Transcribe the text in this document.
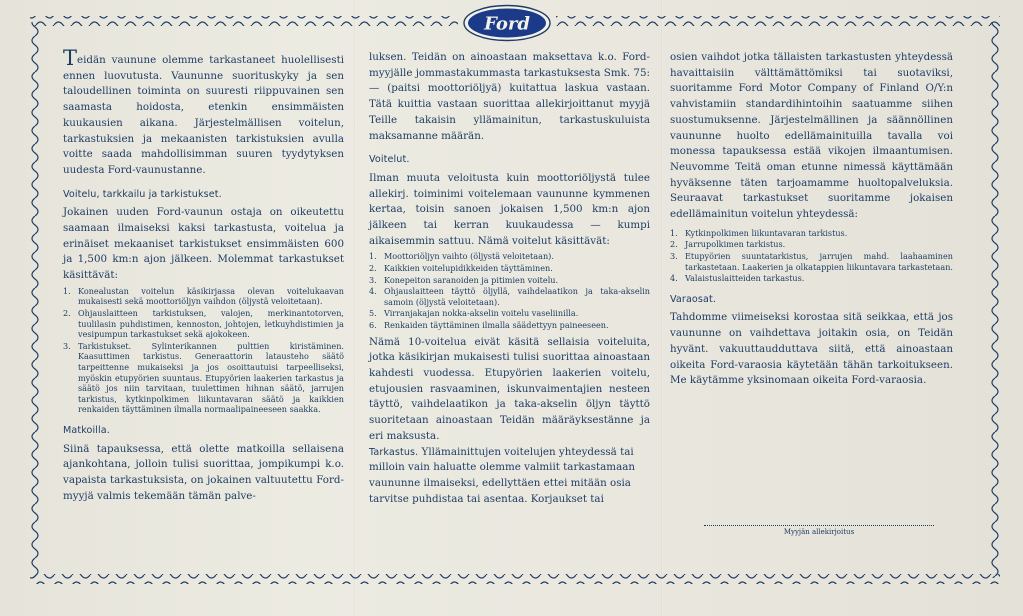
Ford

Teidän vaunune olemme tarkastaneet huolellisesti ennen luovutusta. Vaununne suorituskyky ja sen taloudellinen toiminta on suuresti riippuvainen sen saamasta hoidosta, etenkin ensimmäisten kuukausien aikana. Järjestelmällisen voitelun, tarkastuksien ja mekaanisten tarkistuksien avulla voitte saada mahdollisimman suuren tyydytyksen uudesta Ford-vaunustanne.

Voitelu, tarkkailu ja tarkistukset.

Jokainen uuden Ford-vaunun ostaja on oikeutettu saamaan ilmaiseksi kaksi tarkastusta, voitelua ja erinäiset mekaaniset tarkistukset ensimmäisten 600 ja 1,500 km:n ajon jälkeen. Molemmat tarkastukset käsittävät:

1. Konealustan voitelun käsikirjassa olevan voitelukaavan mukaisesti sekä moottoriöljyn vaihdon (öljystä veloitetaan).
2. Ohjauslaitteen tarkistuksen, valojen, merkinantotorven, tuulilasin puhdistimen, kennoston, johtojen, letkuyhdistimien ja vesipumpun tarkastukset sekä ajokokeen.
3. Tarkistukset. Sylinterikannen pulttien kiristäminen. Kaasuttimen tarkistus. Generaattorin latausteho säätö tarpeittenne mukaiseksi ja jos osoittautuisi tarpeelliseksi, myöskin etupyörien suuntaus. Etupyörien laakerien tarkastus ja säätö jos niin tarvitaan, tuulettimen hihnan säätö, jarrujen tarkistus, kytkinpolkimen liikuntavaran säätö ja kaikkien renkaiden täyttäminen ilmalla normaalipaineeseen saakka.
Matkoilla.

Siinä tapauksessa, että olette matkoilla sellaisena ajankohtana, jolloin tulisi suorittaa, jompikumpi k.o. vapaista tarkastuksista, on jokainen valtuutettu Ford-myyjä valmis tekemään tämän palve-

luksen. Teidän on ainoastaan maksettava k.o. Ford-myyjälle jommastakummasta tarkastuksesta Smk. 75: — (paitsi moottoriöljyä) kuitattua laskua vastaan. Tätä kuittia vastaan suorittaa allekirjoittanut myyjä Teille takaisin yllämainitun, tarkastuskuluista maksamanne määrän.

Voitelut.

Ilman muuta veloitusta kuin moottoriöljystä tulee allekirj. toiminimi voitelemaan vaununne kymmenen kertaa, toisin sanoen jokaisen 1,500 km:n ajon jälkeen tai kerran kuukaudessa — kumpi aikaisemmin sattuu. Nämä voitelut käsittävät:

1. Moottoriöljyn vaihto (öljystä veloitetaan).
2. Kaikkien voitelupidikkeiden täyttäminen.
3. Konepeiton saranoiden ja pitimien voitelu.
4. Ohjauslaitteen täyttö öljyllä, vaihdelaatikon ja taka-akselin samoin (öljystä veloitetaan).
5. Virranjakajan nokka-akselin voitelu vaseliinilla.
6. Renkaiden täyttäminen ilmalla säädettyyn paineeseen.

Nämä 10-voitelua eivät käsitä sellaisia voiteluita, jotka käsikirjan mukaisesti tulisi suorittaa ainoastaan kahdesti vuodessa. Etupyörien laakerien voitelu, etujousien rasvaaminen, iskunvaimentajien nesteen täyttö, vaihdelaatikon ja taka-akselin öljyn täyttö suoritetaan ainoastaan Teidän määräyksestänne ja eri maksusta.

Tarkastus. Yllämainittujen voitelujen yhteydessä tai milloin vain haluatte olemme valmiit tarkastamaan vaununne ilmaiseksi, edellyttäen ettei mitään osia tarvitse puhdistaa tai asentaa. Korjaukset tai

osien vaihdot jotka tällaisten tarkastusten yhteydessä havaittaisiin välttämättömiksi tai suotaviksi, suoritamme Ford Motor Company of Finland O/Y:n vahvistamiin standardihintoihin saatuamme siihen suostumuksenne. Järjestelmällinen ja säännöllinen vaununne huolto edellämainituilla tavalla voi monessa tapauksessa estää vikojen ilmaantumisen. Neuvomme Teitä oman etunne nimessä käyttämään hyväksenne täten tarjoamamme huoltopalveluksia. Seuraavat tarkastukset suoritamme jokaisen edellämainitun voitelun yhteydessä:

1. Kytkinpolkimen liikuntavaran tarkistus.
2. Jarrupolkimen tarkistus.
3. Etupyörien suuntatarkistus, jarrujen mahd. laahaaminen tarkastetaan. Laakerien ja olkatappien liikuntavara tarkastetaan.
4. Valaistuslaitteiden tarkastus.
Varaosat.

Tahdomme viimeiseksi korostaa sitä seikkaa, että jos vaununne on vaihdettava joitakin osia, on Teidän hyvänt. vakuuttaudduttava siitä, että ainoastaan oikeita Ford-varaosia käytetään tähän tarkoitukseen. Me käytämme yksinomaan oikeita Ford-varaosia.

Myyjän allekirjoitus
